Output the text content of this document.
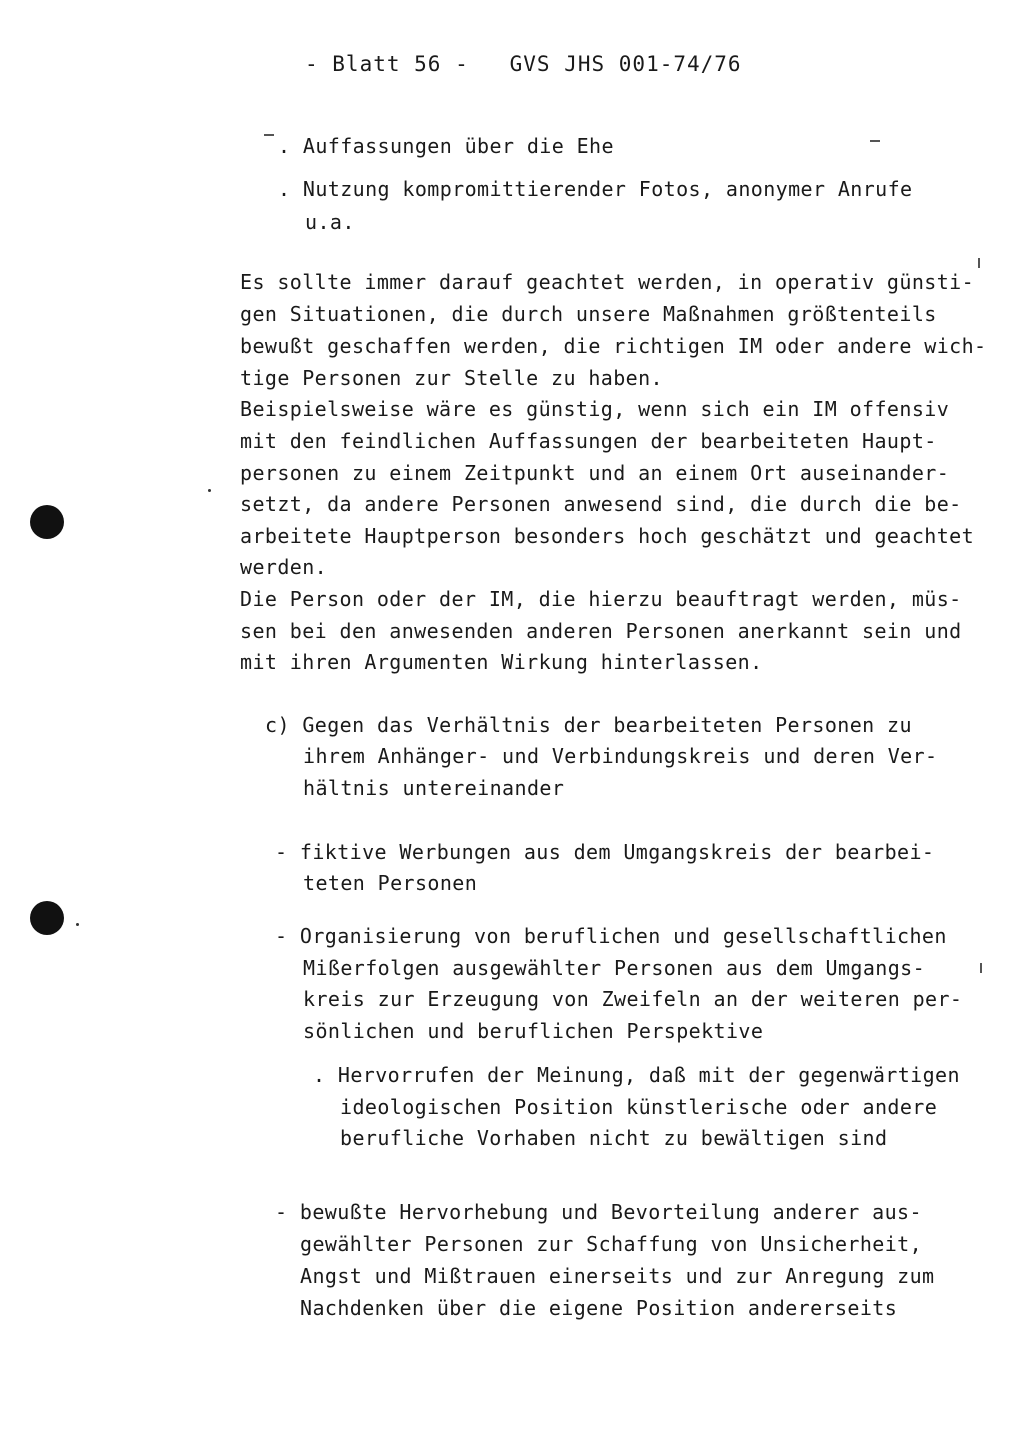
- Blatt 56 -   GVS JHS 001-74/76
. Auffassungen über die Ehe
. Nutzung kompromittierender Fotos, anonymer Anrufe
u.a.
Es sollte immer darauf geachtet werden, in operativ günsti-
gen Situationen, die durch unsere Maßnahmen größtenteils
bewußt geschaffen werden, die richtigen IM oder andere wich-
tige Personen zur Stelle zu haben.
Beispielsweise wäre es günstig, wenn sich ein IM offensiv
mit den feindlichen Auffassungen der bearbeiteten Haupt-
personen zu einem Zeitpunkt und an einem Ort auseinander-
setzt, da andere Personen anwesend sind, die durch die be-
arbeitete Hauptperson besonders hoch geschätzt und geachtet
werden.
Die Person oder der IM, die hierzu beauftragt werden, müs-
sen bei den anwesenden anderen Personen anerkannt sein und
mit ihren Argumenten Wirkung hinterlassen.
c) Gegen das Verhältnis der bearbeiteten Personen zu
ihrem Anhänger- und Verbindungskreis und deren Ver-
hältnis untereinander
- fiktive Werbungen aus dem Umgangskreis der bearbei-
teten Personen
- Organisierung von beruflichen und gesellschaftlichen
Mißerfolgen ausgewählter Personen aus dem Umgangs-
kreis zur Erzeugung von Zweifeln an der weiteren per-
sönlichen und beruflichen Perspektive
. Hervorrufen der Meinung, daß mit der gegenwärtigen
ideologischen Position künstlerische oder andere
berufliche Vorhaben nicht zu bewältigen sind
- bewußte Hervorhebung und Bevorteilung anderer aus-
gewählter Personen zur Schaffung von Unsicherheit,
Angst und Mißtrauen einerseits und zur Anregung zum
Nachdenken über die eigene Position andererseits
